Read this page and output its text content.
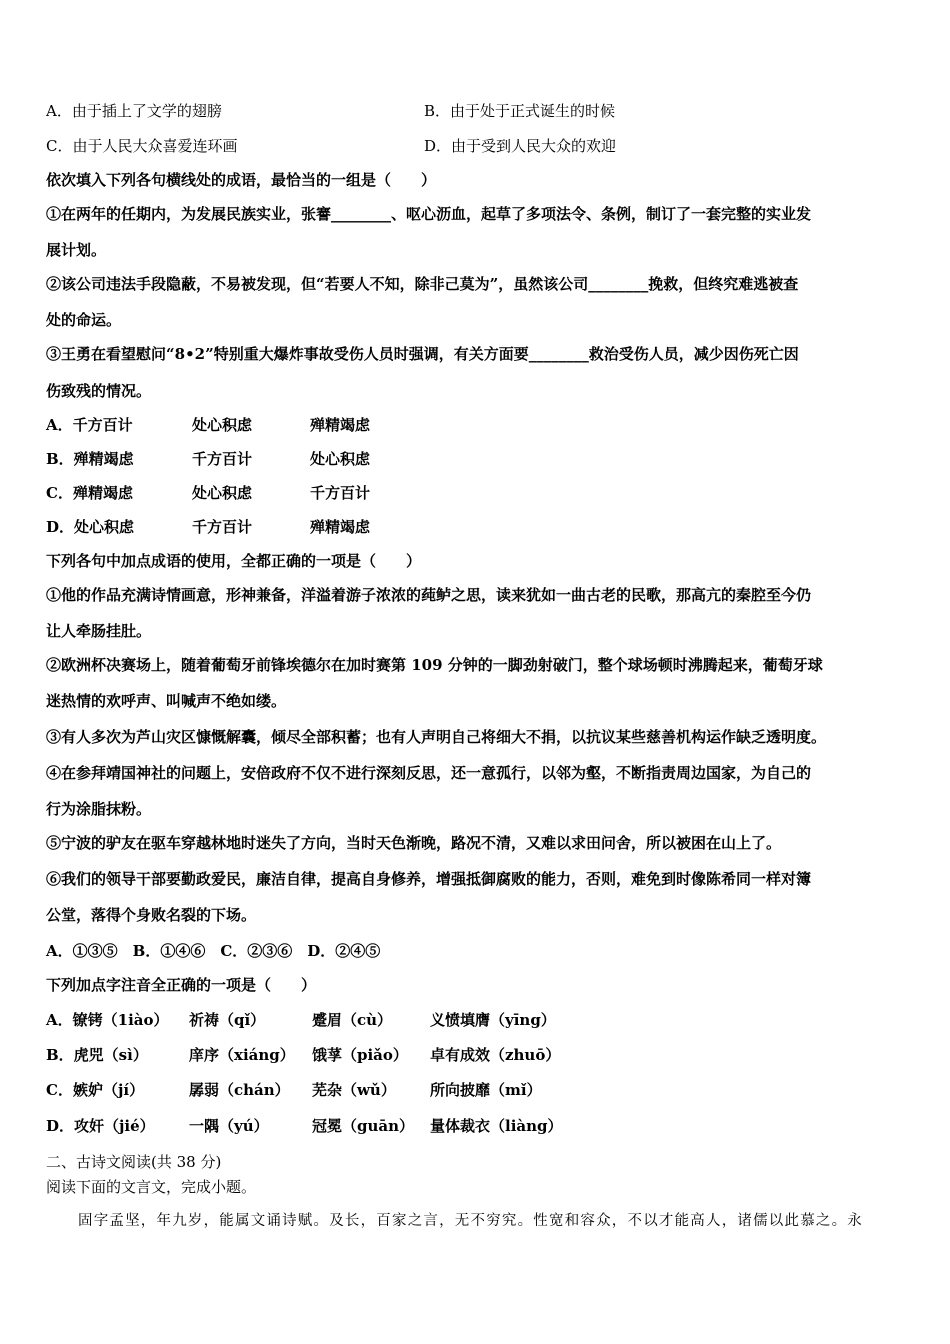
A．由于插上了文学的翅膀	B．由于处于正式诞生的时候
C．由于人民大众喜爱连环画	D．由于受到人民大众的欢迎
依次填入下列各句横线处的成语，最恰当的一组是（　　）
①在两年的任期内，为发展民族实业，张謇________、呕心沥血，起草了多项法令、条例，制订了一套完整的实业发
展计划。
②该公司违法手段隐蔽，不易被发现，但“若要人不知，除非己莫为”，虽然该公司________挽救，但终究难逃被查
处的命运。
③王勇在看望慰问“8•2”特别重大爆炸事故受伤人员时强调，有关方面要________救治受伤人员，减少因伤死亡因
伤致残的情况。
A．千方百计	处心积虑	殚精竭虑
B．殚精竭虑	千方百计	处心积虑
C．殚精竭虑	处心积虑	千方百计
D．处心积虑	千方百计	殚精竭虑
下列各句中加点成语的使用，全都正确的一项是（　　）
①他的作品充满诗情画意，形神兼备，洋溢着游子浓浓的莼鲈之思，读来犹如一曲古老的民歌，那高亢的秦腔至今仍
让人牵肠挂肚。
②欧洲杯决赛场上，随着葡萄牙前锋埃德尔在加时赛第 109 分钟的一脚劲射破门，整个球场顿时沸腾起来，葡萄牙球
迷热情的欢呼声、叫喊声不绝如缕。
③有人多次为芦山灾区慷慨解囊，倾尽全部积蓄；也有人声明自己将细大不捐，以抗议某些慈善机构运作缺乏透明度。
④在参拜靖国神社的问题上，安倍政府不仅不进行深刻反思，还一意孤行，以邻为壑，不断指责周边国家，为自己的
行为涂脂抹粉。
⑤宁波的驴友在驱车穿越林地时迷失了方向，当时天色渐晚，路况不清，又难以求田问舍，所以被困在山上了。
⑥我们的领导干部要勤政爱民，廉洁自律，提高自身修养，增强抵御腐败的能力，否则，难免到时像陈希同一样对簿
公堂，落得个身败名裂的下场。
A．①③⑤　B．①④⑥　C．②③⑥　D．②④⑤
下列加点字注音全正确的一项是（　　）
A．镣铐（1iào） 祈祷（qǐ）	蹙眉（cù）	义愤填膺（yīng）
B．虎兕（sì）	庠序（xiáng） 饿莩（piǎo） 卓有成效（zhuō）
C．嫉妒（jí）	孱弱（chán） 芜杂（wǔ） 所向披靡（mǐ）
D．攻奸（jié） 一隅（yú）	冠冕（guān） 量体裁衣（liàng）
二、古诗文阅读(共 38 分)
阅读下面的文言文，完成小题。
固字孟坚，年九岁，能属文诵诗赋。及长，百家之言，无不穷究。性宽和容众，不以才能高人，诸儒以此慕之。永
